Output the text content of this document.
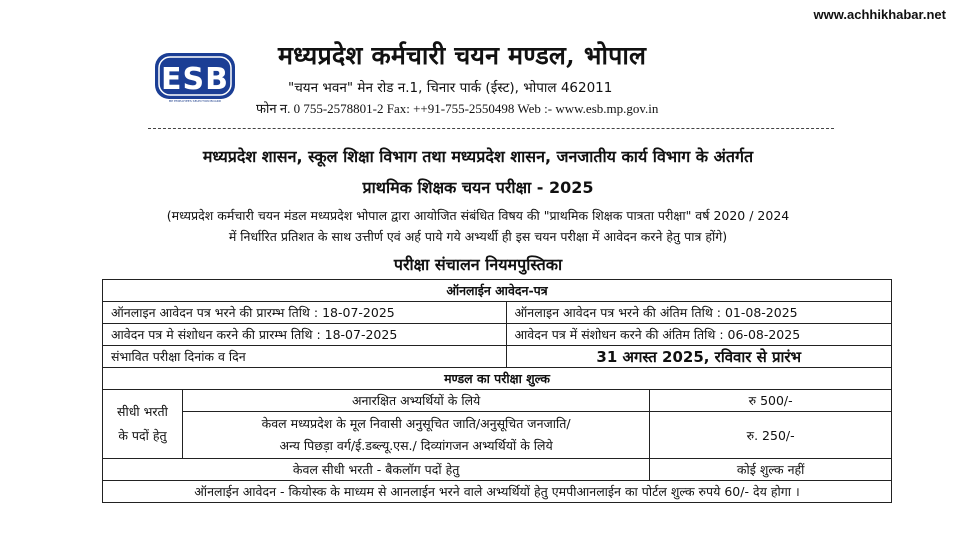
www.achhikhabar.net
ESB
MP EMPLOYEES SELECTION BOARD
मध्यप्रदेश कर्मचारी चयन मण्डल, भोपाल
"चयन भवन" मेन रोड न.1, चिनार पार्क (ईस्ट), भोपाल 462011
फोन न. 0 755-2578801-2 Fax: ++91-755-2550498 Web :- www.esb.mp.gov.in
मध्यप्रदेश शासन, स्कूल शिक्षा विभाग तथा मध्यप्रदेश शासन, जनजातीय कार्य विभाग के अंतर्गत
प्राथमिक शिक्षक चयन परीक्षा - 2025
(मध्यप्रदेश कर्मचारी चयन मंडल मध्यप्रदेश भोपाल द्वारा आयोजित संबंधित विषय की "प्राथमिक शिक्षक पात्रता परीक्षा" वर्ष 2020 / 2024
में निर्धारित प्रतिशत के साथ उत्तीर्ण एवं अर्ह पाये गये अभ्यर्थी ही इस चयन परीक्षा में आवेदन करने हेतु पात्र होंगे)
परीक्षा संचालन नियमपुस्तिका
ऑनलाईन आवेदन-पत्र			
ऑनलाइन आवेदन पत्र भरने की प्रारम्भ तिथि : 18-07-2025		ऑनलाइन आवेदन पत्र भरने की अंतिम तिथि : 01-08-2025	
आवेदन पत्र मे संशोधन करने की प्रारम्भ तिथि : 18-07-2025		आवेदन पत्र में संशोधन करने की अंतिम तिथि : 06-08-2025	
संभावित परीक्षा दिनांक व दिन		31 अगस्त 2025, रविवार से प्रारंभ	
मण्डल का परीक्षा शुल्क			
सीधी भरती
के पदों हेतु	अनारक्षित अभ्यर्थियों के लिये		रु 500/-
	केवल मध्यप्रदेश के मूल निवासी अनुसूचित जाति/अनुसूचित जनजाति/
अन्य पिछड़ा वर्ग/ई.डब्ल्यू.एस./ दिव्यांगजन अभ्यर्थियों के लिये		रु. 250/-
केवल सीधी भरती - बैकलॉग पदों हेतु			कोई शुल्क नहीं
ऑनलाईन आवेदन - कियोस्क के माध्यम से आनलाईन भरने वाले अभ्यर्थियों हेतु एमपीआनलाईन का पोर्टल शुल्क रुपये 60/- देय होगा ।			
